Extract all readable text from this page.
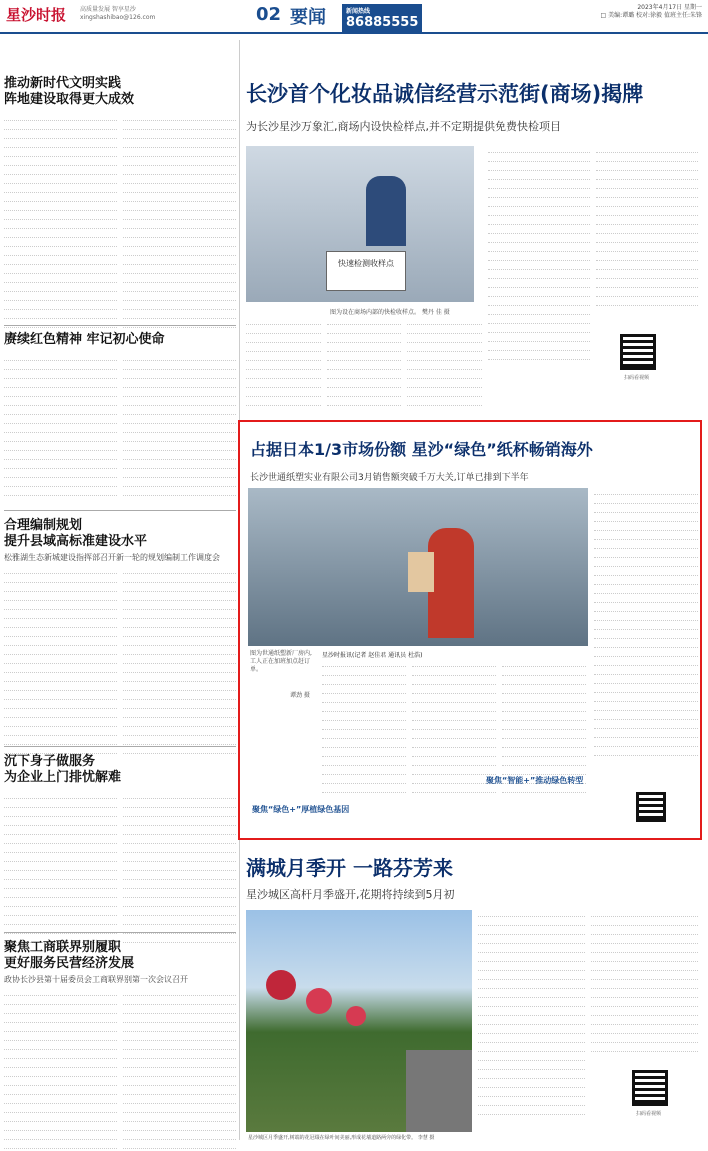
星沙时报 高质量发展 智享星沙
xingshashibao@126.com	02 要闻	新闻热线
86885555
2023年4月17日 星期一
□ 美编:谭璐 校对:徐毅 值班主任:朱锋
推动新时代文明实践
阵地建设取得更大成效
赓续红色精神 牢记初心使命
合理编制规划
提升县域高标准建设水平
松雅湖生态新城建设指挥部召开新一轮的规划编制工作调度会
沉下身子做服务
为企业上门排忧解难
聚焦工商联界别履职
更好服务民营经济发展
政协长沙县第十届委员会工商联界别第一次会议召开
长沙首个化妆品诚信经营示范街(商场)揭牌
为长沙星沙万象汇,商场内设快检样点,并不定期提供免费快检项目
快速检测收样点
图为设在商场内部的快检收样点。 樊丹 佳 摄
扫码看视频
占据日本1/3市场份额 星沙“绿色”纸杯畅销海外
长沙世通纸塑实业有限公司3月销售额突破千万大关,订单已排到下半年
图为世通纸塑新厂房内,工人正在加班加点赶订单。
谭劲 摄
星沙时报讯(记者 赵佳君 通讯员 杜浩)
聚焦“绿色+”厚植绿色基因
聚焦“智能+”推动绿色转型
满城月季开 一路芬芳来
星沙城区高杆月季盛开,花期将持续到5月初
星沙城区月季盛开,树端的花冠缀在绿叶间美丽,形成花墙道路两旁的绿化带。 李慧 摄
扫码看视频
